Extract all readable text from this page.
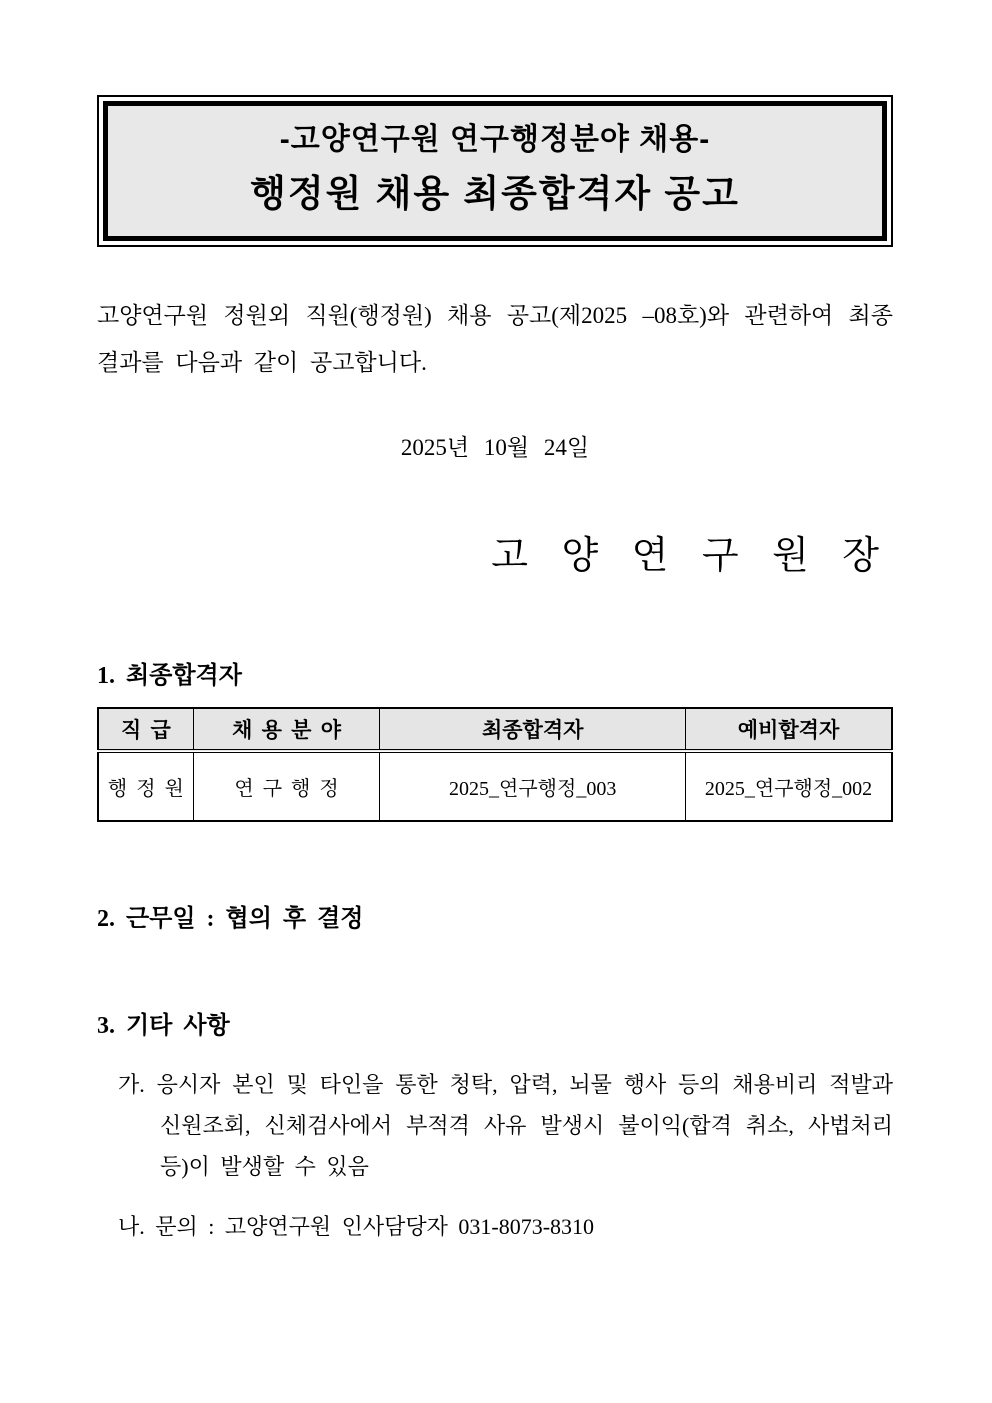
-고양연구원 연구행정분야 채용-
행정원 채용 최종합격자 공고

고양연구원 정원외 직원(행정원) 채용 공고(제2025 –08호)와 관련하여 최종 결과를 다음과 같이 공고합니다.

2025년 10월 24일
고 양 연 구 원 장
1. 최종합격자
직 급	채 용 분 야	최종합격자	예비합격자
행 정 원	연 구 행 정	2025_연구행정_003	2025_연구행정_002
2. 근무일 : 협의 후 결정
3. 기타 사항

가. 응시자 본인 및 타인을 통한 청탁, 압력, 뇌물 행사 등의 채용비리 적발과 신원조회, 신체검사에서 부적격 사유 발생시 불이익(합격 취소, 사법처리 등)이 발생할 수 있음

나. 문의 : 고양연구원 인사담당자 031-8073-8310
